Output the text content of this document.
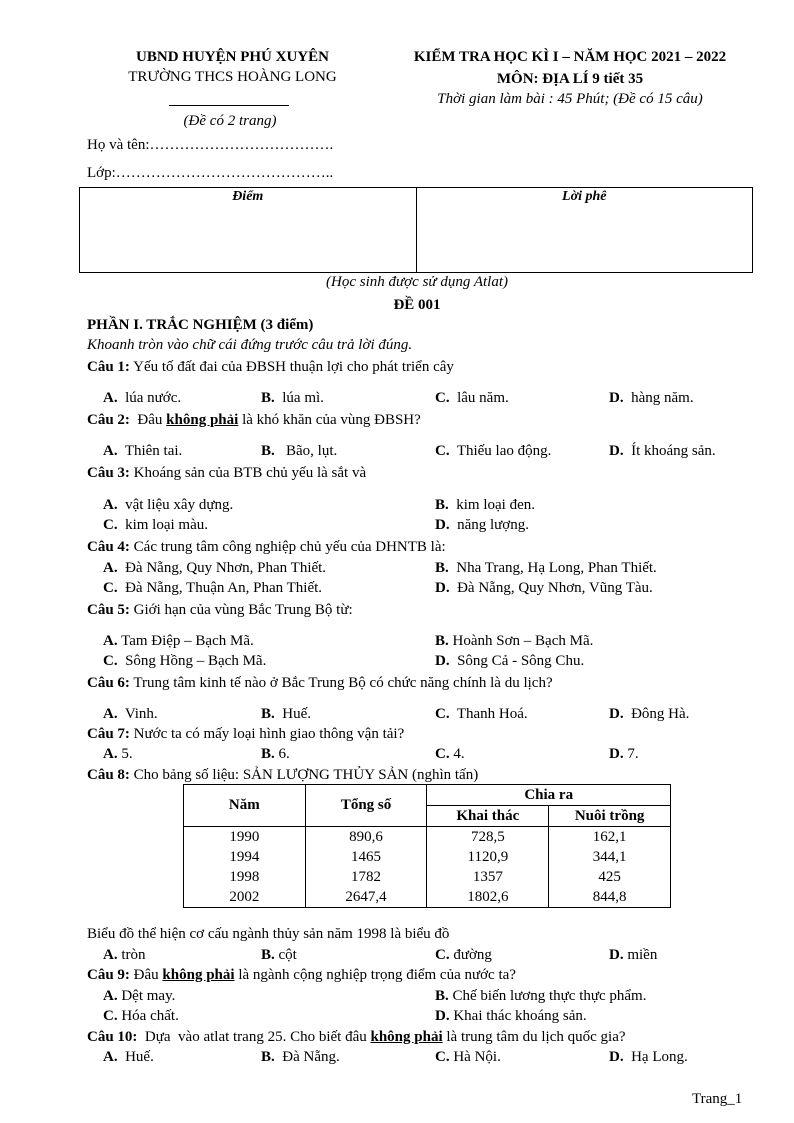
UBND HUYỆN PHÚ XUYÊN
TRƯỜNG THCS HOÀNG LONG
(Đề có 2 trang)
KIỂM TRA HỌC KÌ I – NĂM HỌC 2021 – 2022
MÔN: ĐỊA LÍ 9 tiết 35
Thời gian làm bài : 45 Phút; (Đề có 15 câu)
Họ và tên:……………………………….
Lớp:……………………………………..
Điểm	Lời phê
(Học sinh được sử dụng Atlat)
ĐỀ 001
PHẦN I. TRẮC NGHIỆM (3 điểm)
Khoanh tròn vào chữ cái đứng trước câu trả lời đúng.
Câu 1: Yếu tố đất đai của ĐBSH thuận lợi cho phát triển cây
A.  lúa nước.	B.  lúa mì.	C.  lâu năm.	D.  hàng năm.
Câu 2:  Đâu không phải là khó khăn của vùng ĐBSH?
A.  Thiên tai.	B.   Bão, lụt.	C.  Thiếu lao động.	D.  Ít khoáng sản.
Câu 3: Khoáng sản của BTB chủ yếu là sắt và
A.  vật liệu xây dựng.	B.  kim loại đen.
C.  kim loại màu.	D.  năng lượng.
Câu 4: Các trung tâm công nghiệp chủ yếu của DHNTB là:
A.  Đà Nẵng, Quy Nhơn, Phan Thiết.	B.  Nha Trang, Hạ Long, Phan Thiết.
C.  Đà Nẵng, Thuận An, Phan Thiết.	D.  Đà Nẵng, Quy Nhơn, Vũng Tàu.
Câu 5: Giới hạn của vùng Bắc Trung Bộ từ:
A. Tam Điệp – Bạch Mã.	B. Hoành Sơn – Bạch Mã.
C.  Sông Hồng – Bạch Mã.	D.  Sông Cả - Sông Chu.
Câu 6: Trung tâm kinh tế nào ở Bắc Trung Bộ có chức năng chính là du lịch?
A.  Vinh.	B.  Huế.	C.  Thanh Hoá.	D.  Đông Hà.
Câu 7: Nước ta có mấy loại hình giao thông vận tải?
A. 5.	B. 6.	C. 4.	D. 7.
Câu 8: Cho bảng số liệu: SẢN LƯỢNG THỦY SẢN (nghìn tấn)
A. tròn	B. cột	C. đường	D. miền
Câu 9: Đâu không phải là ngành cộng nghiệp trọng điểm của nước ta?
A. Dệt may.	B. Chế biến lương thực thực phẩm.
C. Hóa chất.	D. Khai thác khoáng sản.
Câu 10:  Dựa  vào atlat trang 25. Cho biết đâu không phải là trung tâm du lịch quốc gia?
A.  Huế.	B.  Đà Nẵng.	C. Hà Nội.	D.  Hạ Long.
Năm	Tổng số	Chia ra	
		Khai thác	Nuôi trồng
1990	890,6	728,5	162,1
1994	1465	1120,9	344,1
1998	1782	1357	425
2002	2647,4	1802,6	844,8
Biểu đồ thể hiện cơ cấu ngành thủy sản năm 1998 là biểu đồ
Trang_1
